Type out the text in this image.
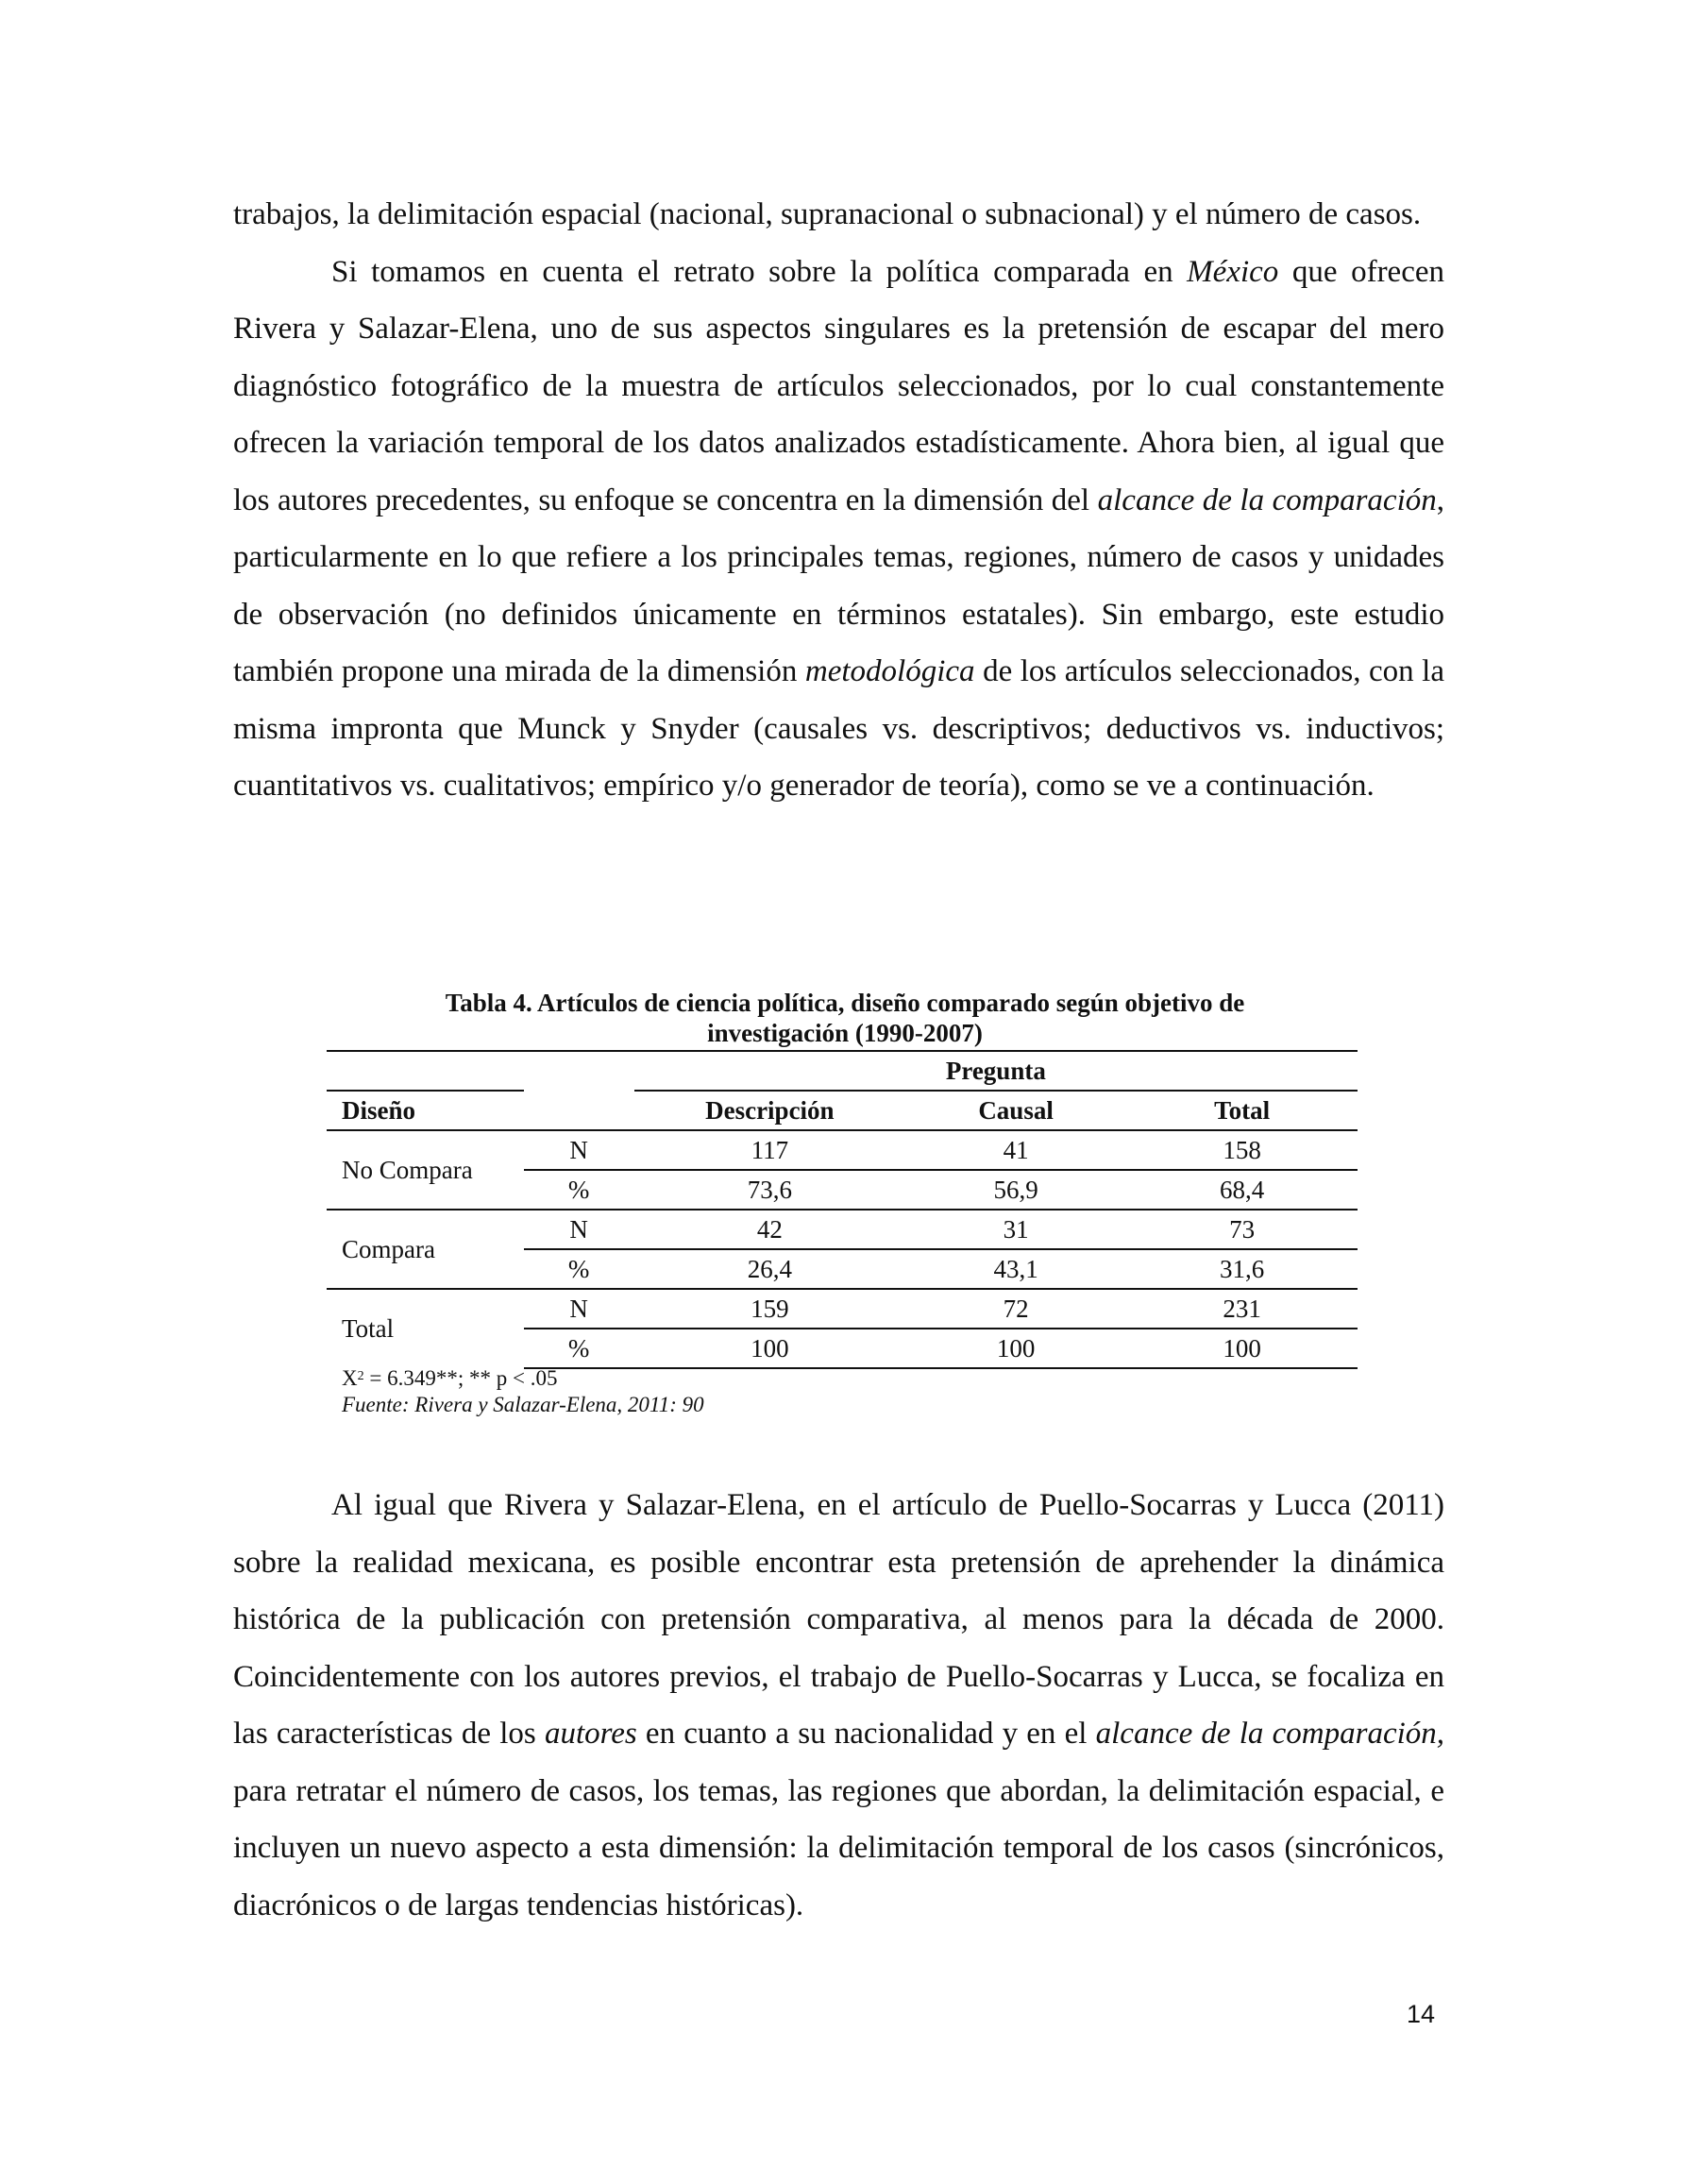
trabajos, la delimitación espacial (nacional, supranacional o subnacional) y el número de casos.

Si tomamos en cuenta el retrato sobre la política comparada en México que ofrecen Rivera y Salazar-Elena, uno de sus aspectos singulares es la pretensión de escapar del mero diagnóstico fotográfico de la muestra de artículos seleccionados, por lo cual constantemente ofrecen la variación temporal de los datos analizados estadísticamente. Ahora bien, al igual que los autores precedentes, su enfoque se concentra en la dimensión del alcance de la comparación, particularmente en lo que refiere a los principales temas, regiones, número de casos y unidades de observación (no definidos únicamente en términos estatales). Sin embargo, este estudio también propone una mirada de la dimensión metodológica de los artículos seleccionados, con la misma impronta que Munck y Snyder (causales vs. descriptivos; deductivos vs. inductivos; cuantitativos vs. cualitativos; empírico y/o generador de teoría), como se ve a continuación.

Tabla 4. Artículos de ciencia política, diseño comparado según objetivo de
investigación (1990-2007)
		Pregunta		
Diseño		Descripción	Causal	Total
No Compara	N	117	41	158
	%	73,6	56,9	68,4
Compara	N	42	31	73
	%	26,4	43,1	31,6
Total	N	159	72	231
	%	100	100	100
$X^2 = 6.349**$; ** p < .05
Fuente: Rivera y Salazar-Elena, 2011: 90

Al igual que Rivera y Salazar-Elena, en el artículo de Puello-Socarras y Lucca (2011) sobre la realidad mexicana, es posible encontrar esta pretensión de aprehender la dinámica histórica de la publicación con pretensión comparativa, al menos para la década de 2000. Coincidentemente con los autores previos, el trabajo de Puello-Socarras y Lucca, se focaliza en las características de los autores en cuanto a su nacionalidad y en el alcance de la comparación, para retratar el número de casos, los temas, las regiones que abordan, la delimitación espacial, e incluyen un nuevo aspecto a esta dimensión: la delimitación temporal de los casos (sincrónicos, diacrónicos o de largas tendencias históricas).

14
